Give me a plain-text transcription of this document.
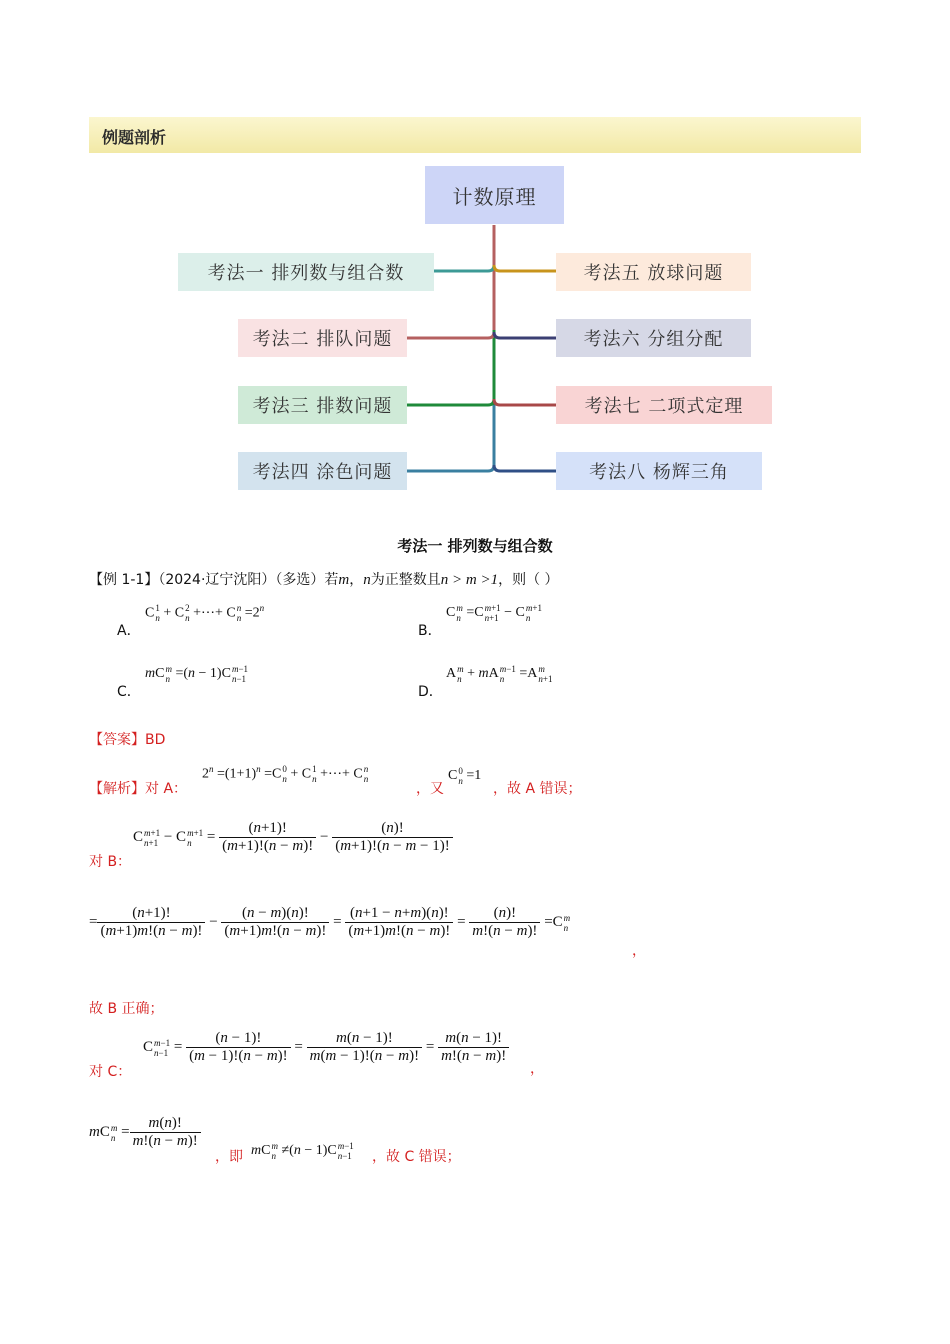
例题剖析
计数原理
考法一 排列数与组合数
考法二 排队问题
考法三 排数问题
考法四 涂色问题
考法五 放球问题
考法六 分组分配
考法七 二项式定理
考法八 杨辉三角
考法一 排列数与组合数
【例 1-1】（2024·辽宁沈阳）（多选）若m，n为正整数且n > m >1，则（ ）
A．
C 1
n + C 2
n +⋯+ C n
$n =2^n$
B．
C m
n =C m+1
n+1 − C m+1
n
C．
mC m
n =(n − 1)C m−1
n−1
D．
A m
n + mA m−1
n =A m
n+1
【答案】BD
【解析】对 A：
$2^n =(1+1)^n =C$ 0
n + C 1
n +⋯+ C n
n
，又
C 0
n =1
，故 A 错误；
对 B：
C m+1
n+1 − C m+1
$n = \frac{(n+1)!}{(m+1)!(n - m)!} - \frac{(n)!}{(m+1)!(n - m - 1)!}$
= $\frac{(n+1)!}{(m+1)m!(n - m)!} - \frac{(n - m)(n)!}{(m+1)m!(n - m)!} = \frac{(n+1 - n+m)(n)!}{(m+1)m!(n - m)!} = \frac{(n)!}{m!(n - m)!} =C$ m
n
，
故 B 正确；
对 C：
C m−1
$n-1 = \frac{(n - 1)!}{(m - 1)!(n - m)!} = \frac{m(n - 1)!}{m(m - 1)!(n - m)!} = \frac{m(n - 1)!}{m!(n - m)!}$
，
mC m
$n = \frac{m(n)!}{m!(n - m)!}$
，即 mC m
n ≠(n − 1)C m−1
n−1 ，故 C 错误；
